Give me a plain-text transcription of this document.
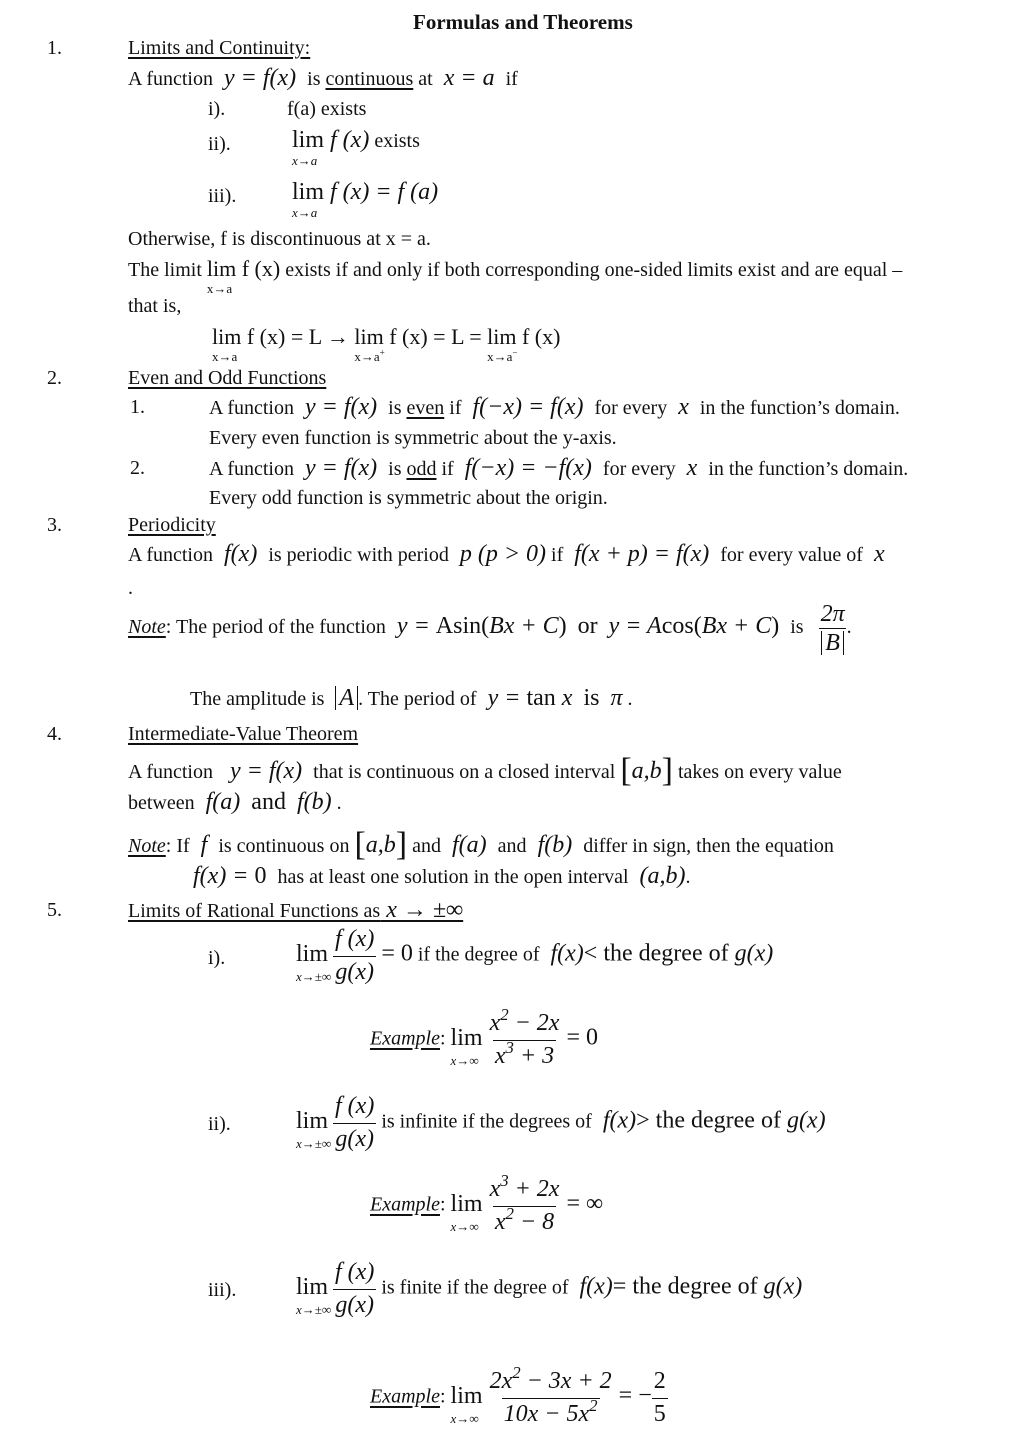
Formulas and Theorems
1.	Limits and Continuity:
A function  y = f(x)  is continuous at  x = a  if
i).	f(a) exists
ii).	lim
x→a
f (x) exists
iii). lim
x→a
f (x) = f (a)
Otherwise, f is discontinuous at x = a.
The limit lim
x→a
f (x) exists if and only if both corresponding one-sided limits exist and are equal –
that is,
lim
x→a
f (x) = L → lim
x→a+
f (x) = L = lim
x→a−
f (x)
2.	Even and Odd Functions
1.	A function  y = f(x)  is even if  f(−x) = f(x)  for every  x  in the function’s domain.
Every even function is symmetric about the y-axis.
2.	A function  y = f(x)  is odd if  f(−x) = −f(x)  for every  x  in the function’s domain.
Every odd function is symmetric about the origin.
3.	Periodicity
A function  f(x)  is periodic with period  p (p > 0) if  f(x + p) = f(x)  for every value of  x
.
Note: The period of the function  y = Asin(Bx + C)  or  y = Acos(Bx + C)  is $\frac{2\pi}{B}$ .
The amplitude is A . The period of  y = tan x  is  π .
4.	Intermediate-Value Theorem
A function   y = f(x)  that is continuous on a closed interval [a,b] takes on every value
between  f(a)  and  f(b) .
Note: If  f  is continuous on [a,b] and  f(a)  and  f(b)  differ in sign, then the equation
f(x) = 0 has at least one solution in the open interval  (a,b).
5.	Limits of Rational Functions as x → ±∞
i).	lim
x→±∞
$\frac{f (x)}{g(x)} = 0$ if the degree of  f(x)< the degree of g(x)
Example: lim
x→∞
$\frac{x^2 - 2x}{x^3 + 3} = 0$
ii).	lim
x→±∞
$\frac{f (x)}{g(x)}$ is infinite if the degrees of  f(x)> the degree of g(x)
Example: lim
x→∞
$\frac{x^3 + 2x}{x^2 - 8}$ = ∞
iii). lim
x→±∞
$\frac{f (x)}{g(x)}$ is finite if the degree of  f(x)= the degree of g(x)
Example: lim
x→∞
$\frac{2x^2 - 3x + 2}{10x - 5x^2}$ = − $\frac{2}{5}$
